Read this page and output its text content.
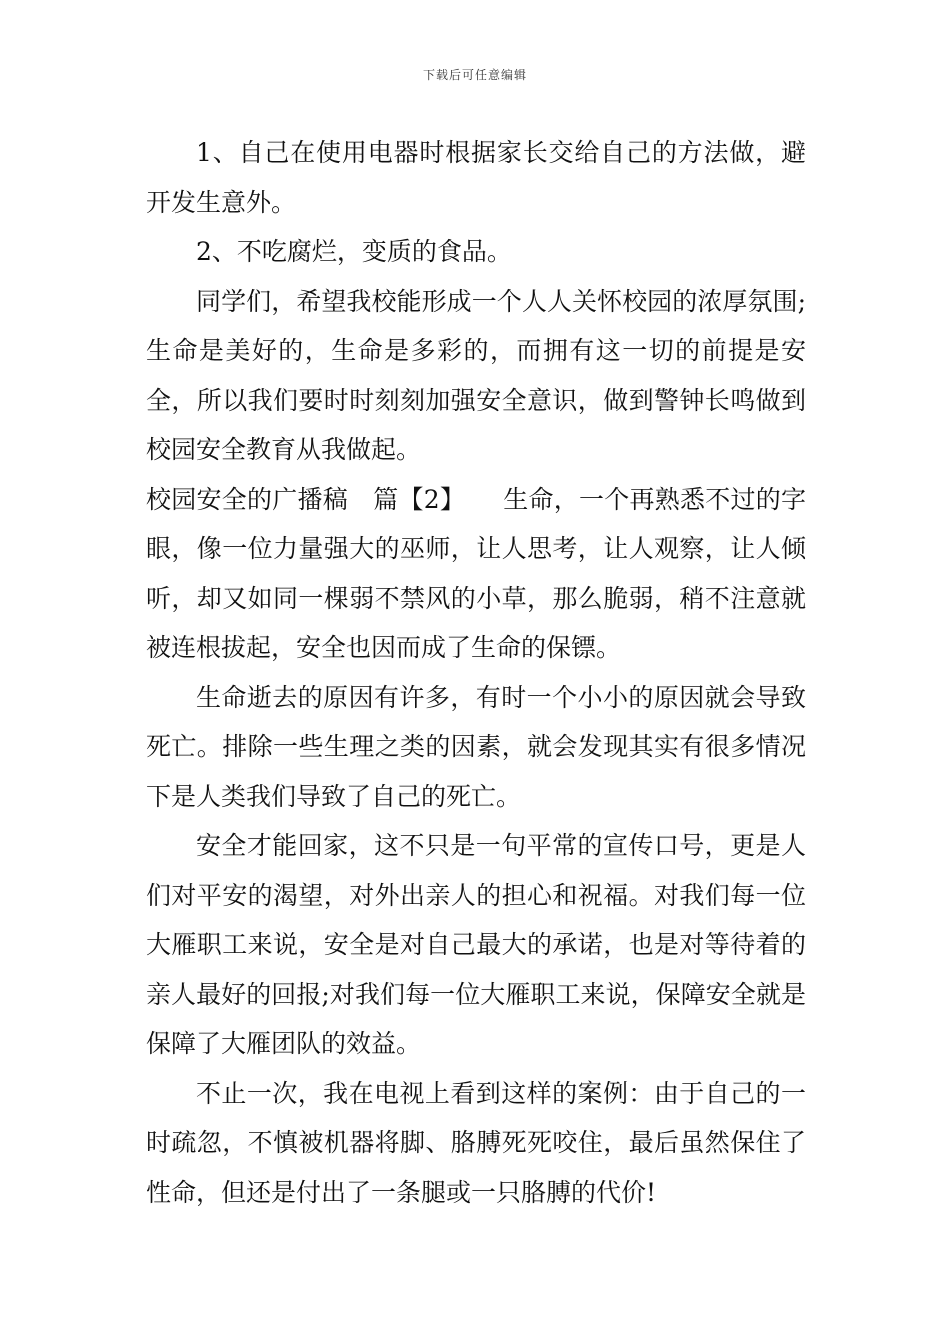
下载后可任意编辑

1、自己在使用电器时根据家长交给自己的方法做，避开发生意外。

2、不吃腐烂，变质的食品。

同学们，希望我校能形成一个人人关怀校园的浓厚氛围;生命是美好的，生命是多彩的，而拥有这一切的前提是安全，所以我们要时时刻刻加强安全意识，做到警钟长鸣做到校园安全教育从我做起。

校园安全的广播稿　篇【2】　　生命，一个再熟悉不过的字眼，像一位力量强大的巫师，让人思考，让人观察，让人倾听，却又如同一棵弱不禁风的小草，那么脆弱，稍不注意就被连根拔起，安全也因而成了生命的保镖。

生命逝去的原因有许多，有时一个小小的原因就会导致死亡。排除一些生理之类的因素，就会发现其实有很多情况下是人类我们导致了自己的死亡。

安全才能回家，这不只是一句平常的宣传口号，更是人们对平安的渴望，对外出亲人的担心和祝福。对我们每一位大雁职工来说，安全是对自己最大的承诺，也是对等待着的亲人最好的回报;对我们每一位大雁职工来说，保障安全就是保障了大雁团队的效益。

不止一次，我在电视上看到这样的案例：由于自己的一时疏忽，不慎被机器将脚、胳膊死死咬住，最后虽然保住了性命，但还是付出了一条腿或一只胳膊的代价!
